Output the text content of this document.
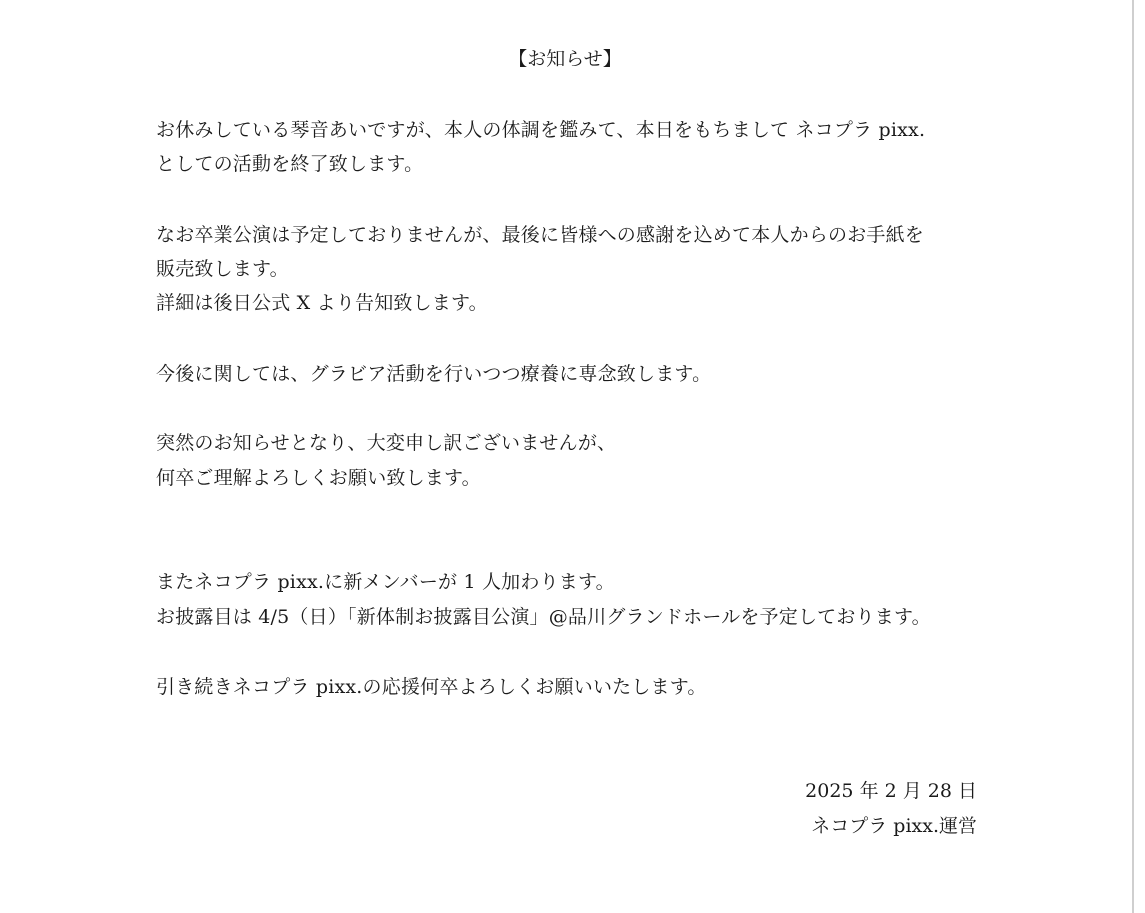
【お知らせ】
お休みしている琴音あいですが、本人の体調を鑑みて、本日をもちまして ネコプラ pixx.
としての活動を終了致します。
なお卒業公演は予定しておりませんが、最後に皆様への感謝を込めて本人からのお手紙を
販売致します。
詳細は後日公式 X より告知致します。
今後に関しては、グラビア活動を行いつつ療養に専念致します。
突然のお知らせとなり、大変申し訳ございませんが、
何卒ご理解よろしくお願い致します。
またネコプラ pixx.に新メンバーが 1 人加わります。
お披露目は 4/5（日）「新体制お披露目公演」@品川グランドホールを予定しております。
引き続きネコプラ pixx.の応援何卒よろしくお願いいたします。
2025 年 2 月 28 日
ネコプラ pixx.運営
